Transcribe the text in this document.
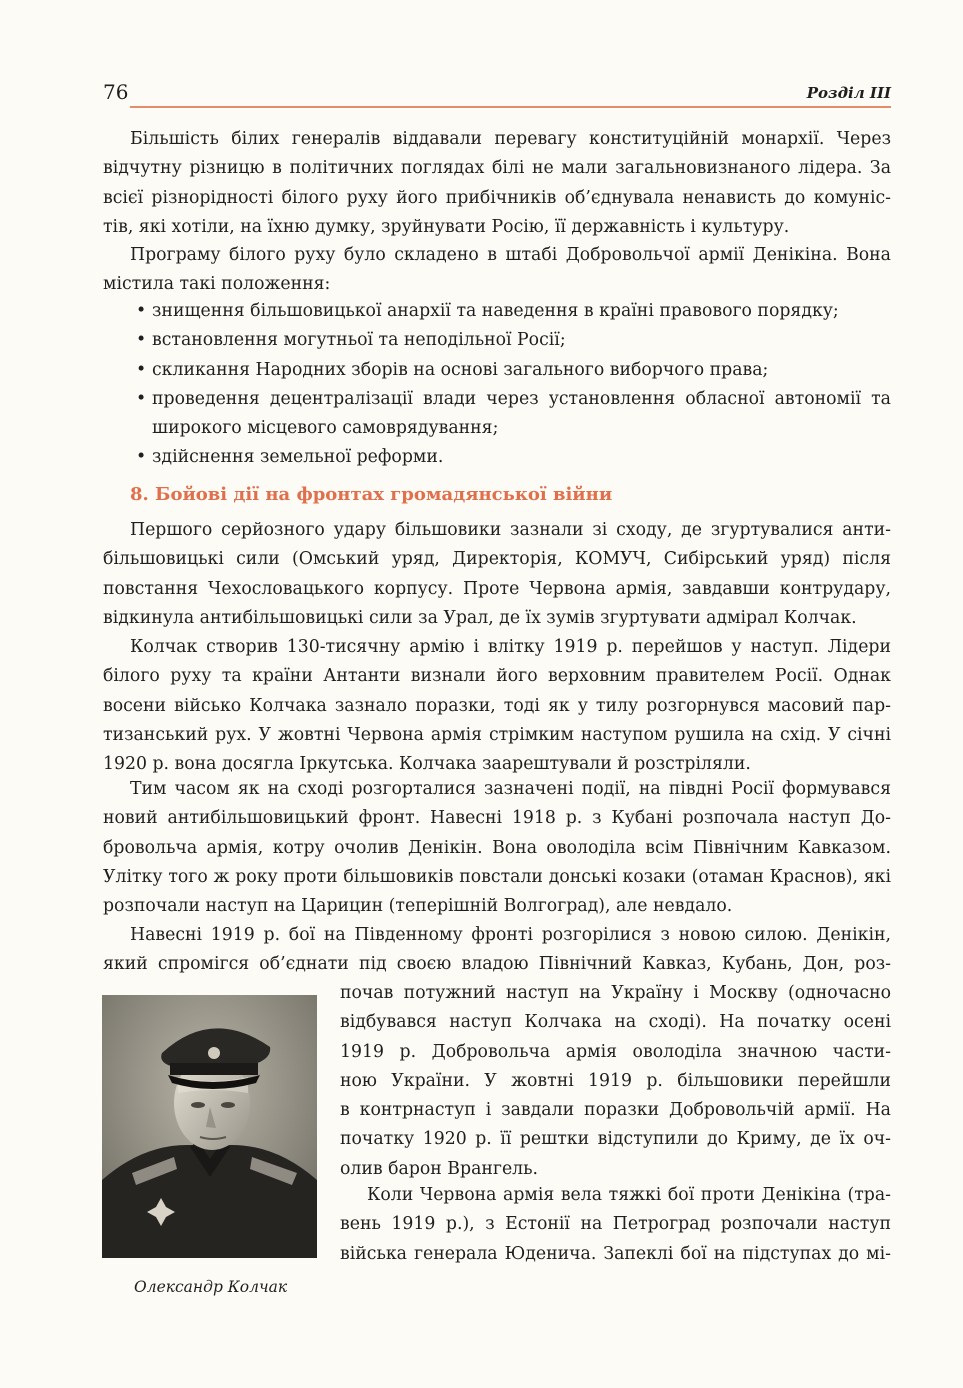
76	Розділ III
Більшість білих генералів віддавали перевагу конституційній монархії. Через
відчутну різницю в політичних поглядах білі не мали загальновизнаного лідера. За
всієї різнорідності білого руху його прибічників об’єднувала ненависть до комуніс-
тів, які хотіли, на їхню думку, зруйнувати Росію, її державність і культуру.
Програму білого руху було складено в штабі Добровольчої армії Денікіна. Вона
містила такі положення:
• знищення більшовицької анархії та наведення в країні правового порядку;
• встановлення могутньої та неподільної Росії;
• скликання Народних зборів на основі загального виборчого права;
• проведення децентралізації влади через установлення обласної автономії та широкого місцевого самоврядування;
• здійснення земельної реформи.
8. Бойові дії на фронтах громадянської війни
Першого серйозного удару більшовики зазнали зі сходу, де згуртувалися анти-
більшовицькі сили (Омський уряд, Директорія, КОМУЧ, Сибірський уряд) після
повстання Чехословацького корпусу. Проте Червона армія, завдавши контрудару,
відкинула антибільшовицькі сили за Урал, де їх зумів згуртувати адмірал Колчак.
Колчак створив 130-тисячну армію і влітку 1919 р. перейшов у наступ. Лідери
білого руху та країни Антанти визнали його верховним правителем Росії. Однак
восени військо Колчака зазнало поразки, тоді як у тилу розгорнувся масовий пар-
тизанський рух. У жовтні Червона армія стрімким наступом рушила на схід. У січні
1920 р. вона досягла Іркутська. Колчака заарештували й розстріляли.
Тим часом як на сході розгорталися зазначені події, на півдні Росії формувався
новий антибільшовицький фронт. Навесні 1918 р. з Кубані розпочала наступ До-
бровольча армія, котру очолив Денікін. Вона оволоділа всім Північним Кавказом.
Улітку того ж року проти більшовиків повстали донські козаки (отаман Краснов), які
розпочали наступ на Царицин (теперішній Волгоград), але невдало.
Навесні 1919 р. бої на Південному фронті розгорілися з новою силою. Денікін,
який спромігся об’єднати під своєю владою Північний Кавказ, Кубань, Дон, роз-
Олександр Колчак
почав потужний наступ на Україну і Москву (одночасно
відбувався наступ Колчака на сході). На початку осені
1919 р. Добровольча армія оволоділа значною части-
ною України. У жовтні 1919 р. більшовики перейшли
в контрнаступ і завдали поразки Добровольчій армії. На
початку 1920 р. її рештки відступили до Криму, де їх оч-
олив барон Врангель.
Коли Червона армія вела тяжкі бої проти Денікіна (тра-
вень 1919 р.), з Естонії на Петроград розпочали наступ
війська генерала Юденича. Запеклі бої на підступах до мі-
